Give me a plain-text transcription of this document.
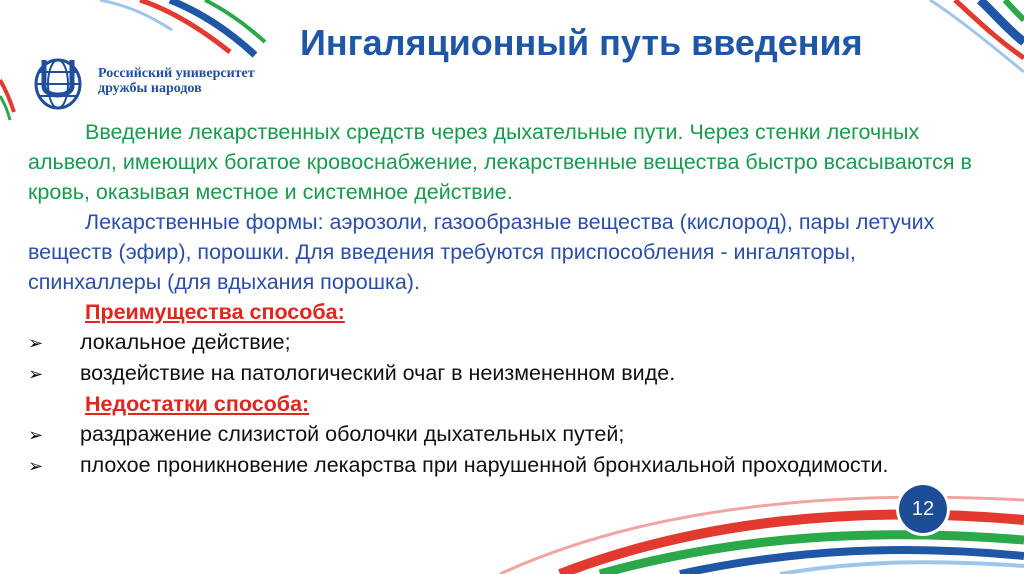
Российский университет
дружбы народов
Ингаляционный путь введения

Введение лекарственных средств через дыхательные пути. Через стенки легочных альвеол, имеющих богатое кровоснабжение, лекарственные вещества быстро всасываются в кровь, оказывая местное и системное действие.

Лекарственные формы: аэрозоли, газообразные вещества (кислород), пары летучих веществ (эфир), порошки. Для введения требуются приспособления - ингаляторы, спинхаллеры (для вдыхания порошка).

Преимущества способа:

➢	локальное действие;

➢	воздействие на патологический очаг в неизмененном виде.

Недостатки способа:

➢	раздражение слизистой оболочки дыхательных путей;

➢ плохое проникновение лекарства при нарушенной бронхиальной проходимости.

12
